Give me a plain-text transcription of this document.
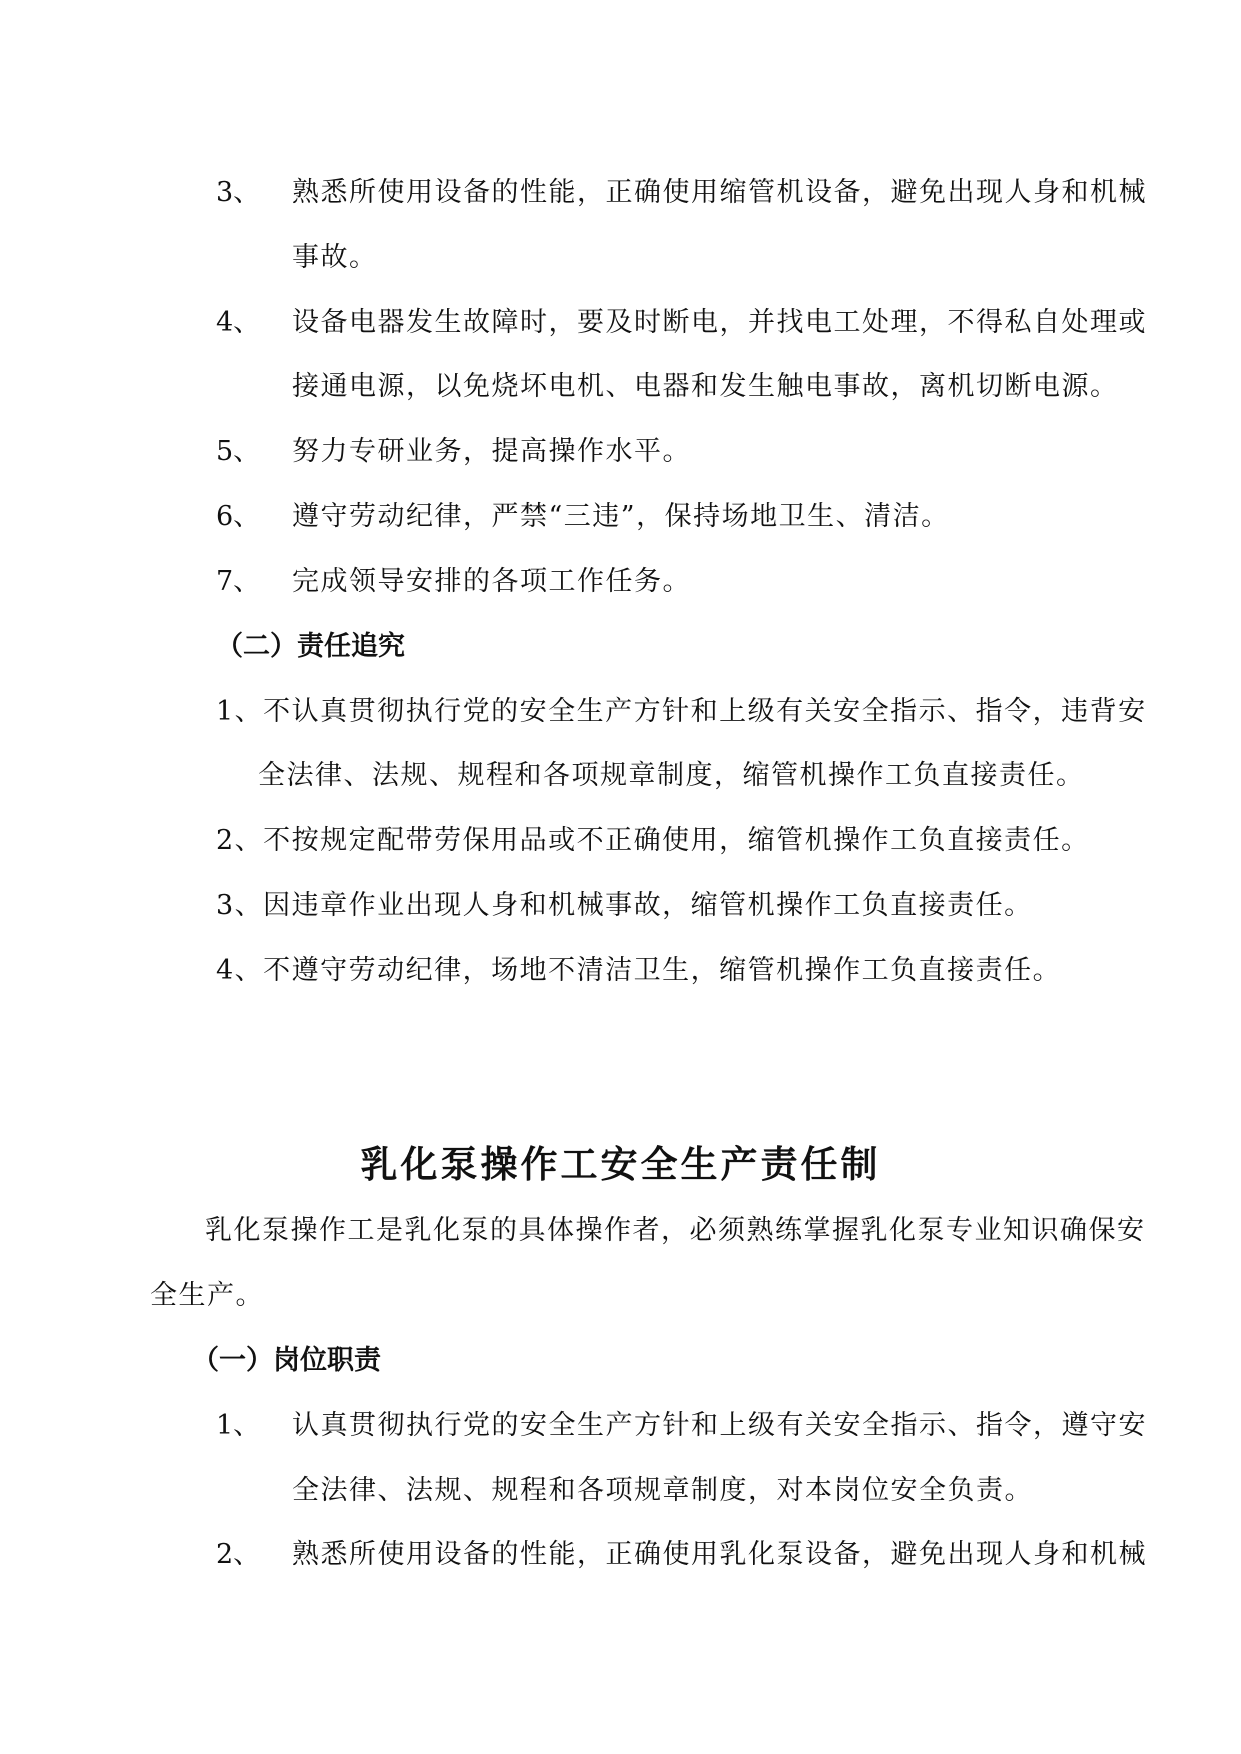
3、 熟悉所使用设备的性能，正确使用缩管机设备，避免出现人身和机械
事故。
4、 设备电器发生故障时，要及时断电，并找电工处理，不得私自处理或
接通电源，以免烧坏电机、电器和发生触电事故，离机切断电源。
5、 努力专研业务，提高操作水平。
6、 遵守劳动纪律，严禁“三违”，保持场地卫生、清洁。
7、 完成领导安排的各项工作任务。
（二）责任追究
1、不认真贯彻执行党的安全生产方针和上级有关安全指示、指令，违背安
全法律、法规、规程和各项规章制度，缩管机操作工负直接责任。
2、不按规定配带劳保用品或不正确使用，缩管机操作工负直接责任。
3、因违章作业出现人身和机械事故，缩管机操作工负直接责任。
4、不遵守劳动纪律，场地不清洁卫生，缩管机操作工负直接责任。
乳化泵操作工安全生产责任制
乳化泵操作工是乳化泵的具体操作者，必须熟练掌握乳化泵专业知识确保安
全生产。
（一）岗位职责
1、 认真贯彻执行党的安全生产方针和上级有关安全指示、指令，遵守安
全法律、法规、规程和各项规章制度，对本岗位安全负责。
2、 熟悉所使用设备的性能，正确使用乳化泵设备，避免出现人身和机械
